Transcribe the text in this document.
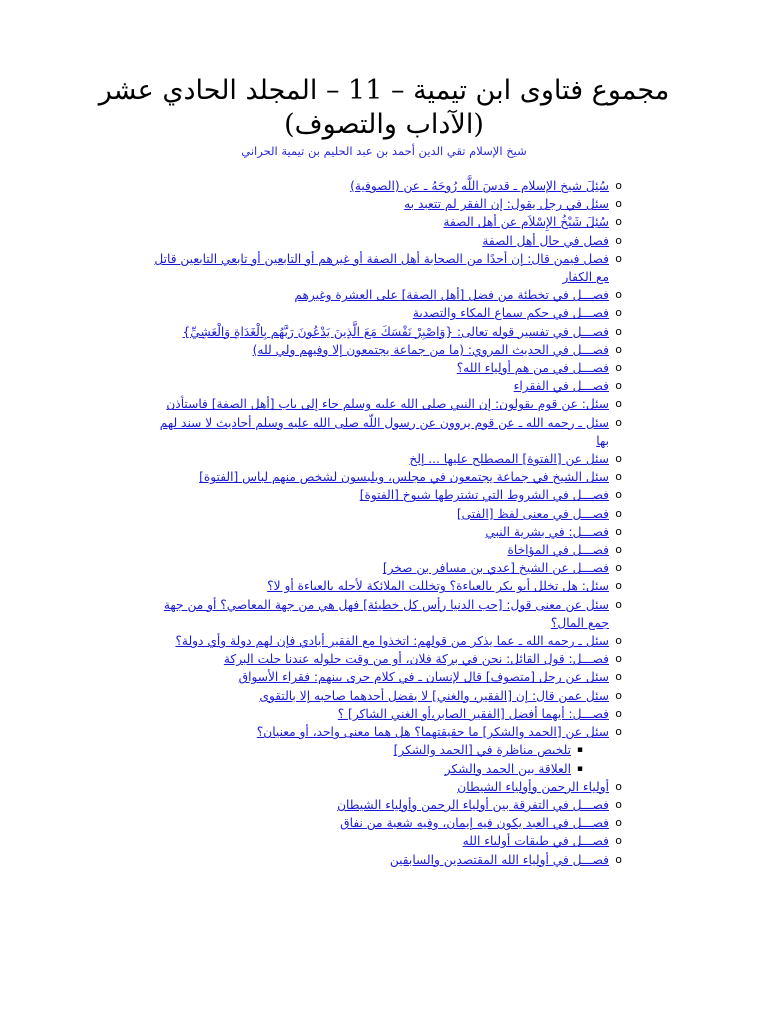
مجموع فتاوى ابن تيمية – 11 – المجلد الحادي عشر
(الآداب والتصوف)
شيخ الإسلام تقي الدين أحمد بن عبد الحليم بن تيمية الحراني
o سُئِلَ شيخ الإسلام ـ قدسَ اللَّه رُوحَهُ ـ عن (الصوفية)
o سئل في رجل يقول: إن الفقر لم تتعبد به
o سُئِلَ شَيْخُ الإِسْلاَم عن أهل الصفة
o فصل في حال أهل الصفة
o فصل فيمن قال: إن أحدًا من الصحابة أهل الصفة أو غيرهم أو التابعين أو تابعي التابعين قاتل مع الكفار
o فصـــل في تخطئة من فضل [أهل الصفة] على العشرة وغيرهم
o فصـــل في حكم سماع المكاء والتصدية
o فصـــل في تفسير قوله تعالى: {وَاصْبِرْ نَفْسَكَ مَعَ الَّذِينَ يَدْعُونَ رَبَّهُم بِالْغَدَاةِ وَالْعَشِيِّ}
o فصـــل في الحديث المروي: (ما من جماعة يجتمعون إلا وفيهم ولي لله)
o فصـــل في من هم أولياء الله؟
o فصـــل في الفقراء
o سئل: عن قوم يقولون: إن النبي صلى الله عليه وسلم جاء إلى باب [أهل الصفة] فاستأذن
o سئل ـ رحمه الله ـ عن قوم يروون عن رسول اللّه صلى الله عليه وسلم أحاديث لا سند لهم بها
o سئل عن [الفتوة] المصطلح عليها ... إلخ
o سئل الشيخ في جماعة يجتمعون في مجلس، ويلبسون لشخص منهم لباس [الفتوة]
o فصـــل في الشروط التي تشترطها شيوخ [الفتوة]
o فصـــل في معنى لفظ [الفتى]
o فصـــل: في بشرية النبي
o فصـــل في المؤاخاة
o فصـــل عن الشيخ [عدي بن مسافر بن صخر]
o سئل: هل تخلل أبو بكر بالعباءة؟ وتخللت الملائكة لأجله بالعباءة أو لا؟
o سئل عن معنى قول: [حب الدنيا رأس كل خطيئة] فهل هي من جهة المعاصي؟ أو من جهة جمع المال؟
o سئل ـ رحمه الله ـ عما يذكر من قولهم: اتخذوا مع الفقير أيادي فإن لهم دولة وأي دولة؟
o فصـــل: قول القائل: نحن في بركة فلان، أو من وقت حلوله عندنا حلت البركة
o سئل عن رجل [متصوف] قال لإنسان ـ في كلام جرى بينهم: فقراء الأسواق
o سئل عمن قال: إن [الفقير، والغني] لا يفضل أحدهما صاحبه إلا بالتقوى
o فصـــل: أيهما أفضل [الفقير الصابر،أو الغني الشاكر] ؟
o سئل عن [الحمد والشكر] ما حقيقتهما؟ هل هما معنى واحد، أو معنيان؟
▪ تلخيص مناظرة في [الحمد والشكر]
▪ العلاقة بين الحمد والشكر
o أولياء الرحمن وأولياء الشيطان
o فصـــل في التفرقة بين أولياء الرحمن وأولياء الشيطان
o فصـــل في العبد يكون فيه إيمان، وفيه شعبة من نفاق
o فصـــل في طبقات أولياء الله
o فصـــل في أولياء الله المقتصدين والسابقين
